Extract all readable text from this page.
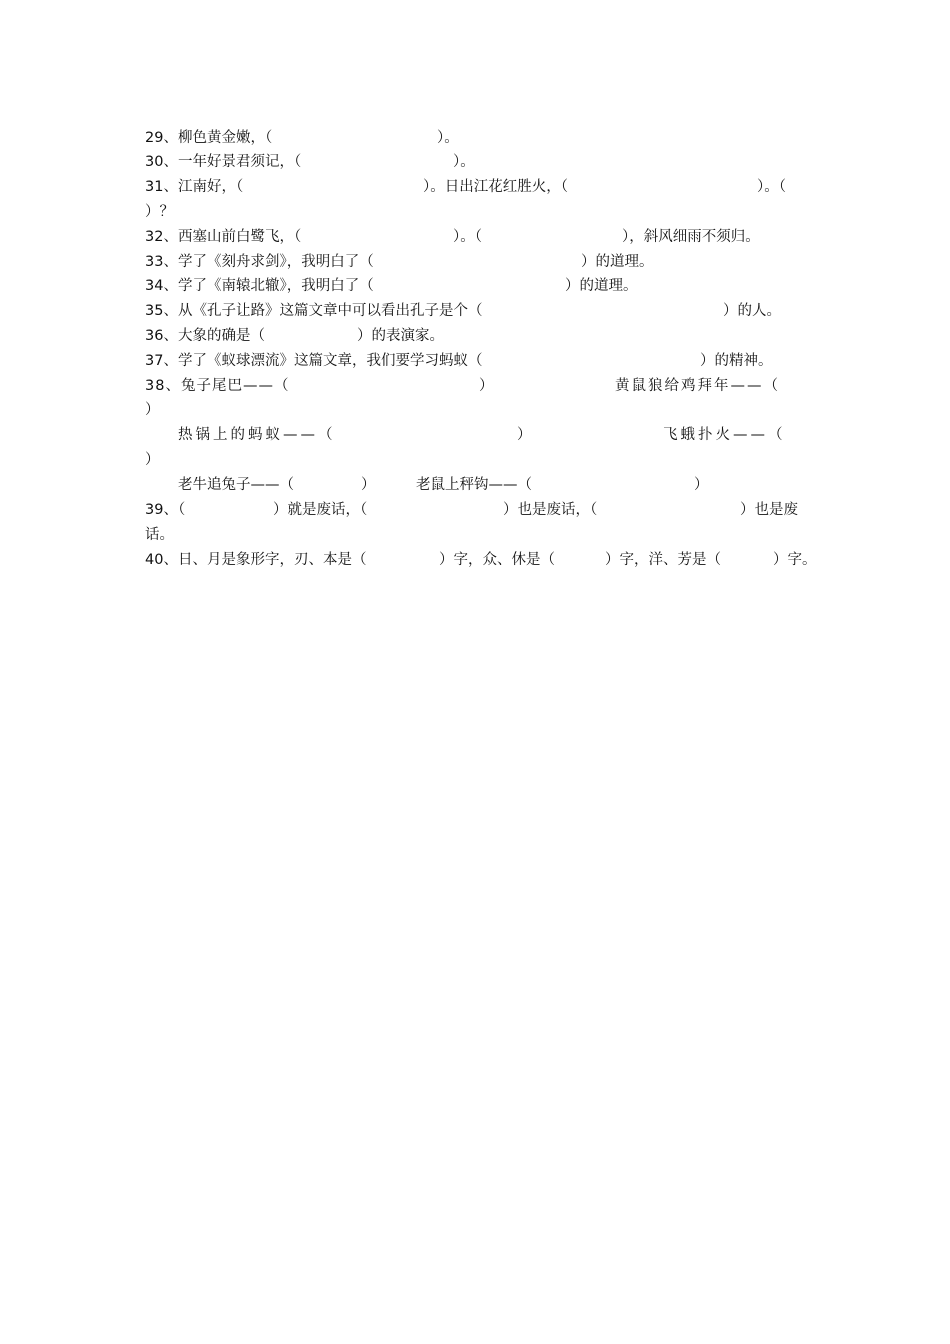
29、柳色黄金嫩，（

	）。

30、一年好景君须记，（

	）。

31、江南好，（

	）。日出江花红胜火，（

	）。（

）？

32、西塞山前白鹭飞，（

	）。（

	），斜风细雨不须归。

33、学了《刻舟求剑》，我明白了（

	）的道理。

34、学了《南辕北辙》，我明白了（

	）的道理。

35、从《孔子让路》这篇文章中可以看出孔子是个（

	）的人。

36、大象的确是（

	）的表演家。

37、学了《蚁球漂流》这篇文章，我们要学习蚂蚁（

	）的精神。

38、兔子尾巴——（

	）

	黄鼠狼给鸡拜年——（

）

热锅上的蚂蚁——（

	）

	飞蛾扑火——（

）

老牛追兔子——（

	）

	老鼠上秤钩——（

	）

39、（

	）就是废话，（

	）也是废话，（

	）也是废

话。

40、日、月是象形字，刃、本是（

	）字，众、休是（

	）字，洋、芳是（

	）字。
